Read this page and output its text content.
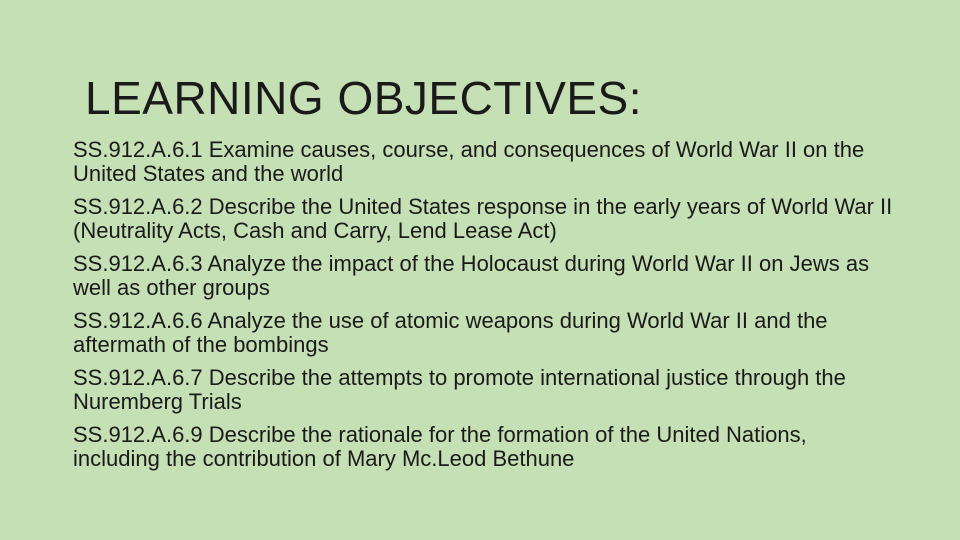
LEARNING OBJECTIVES:
SS.912.A.6.1 Examine causes, course, and consequences of World War II on the United States and the world
SS.912.A.6.2 Describe the United States response in the early years of World War II (Neutrality Acts, Cash and Carry, Lend Lease Act)
SS.912.A.6.3 Analyze the impact of the Holocaust during World War II on Jews as well as other groups
SS.912.A.6.6 Analyze the use of atomic weapons during World War II and the aftermath of the bombings
SS.912.A.6.7 Describe the attempts to promote international justice through the Nuremberg Trials
SS.912.A.6.9 Describe the rationale for the formation of the United Nations, including the contribution of Mary Mc.Leod Bethune
